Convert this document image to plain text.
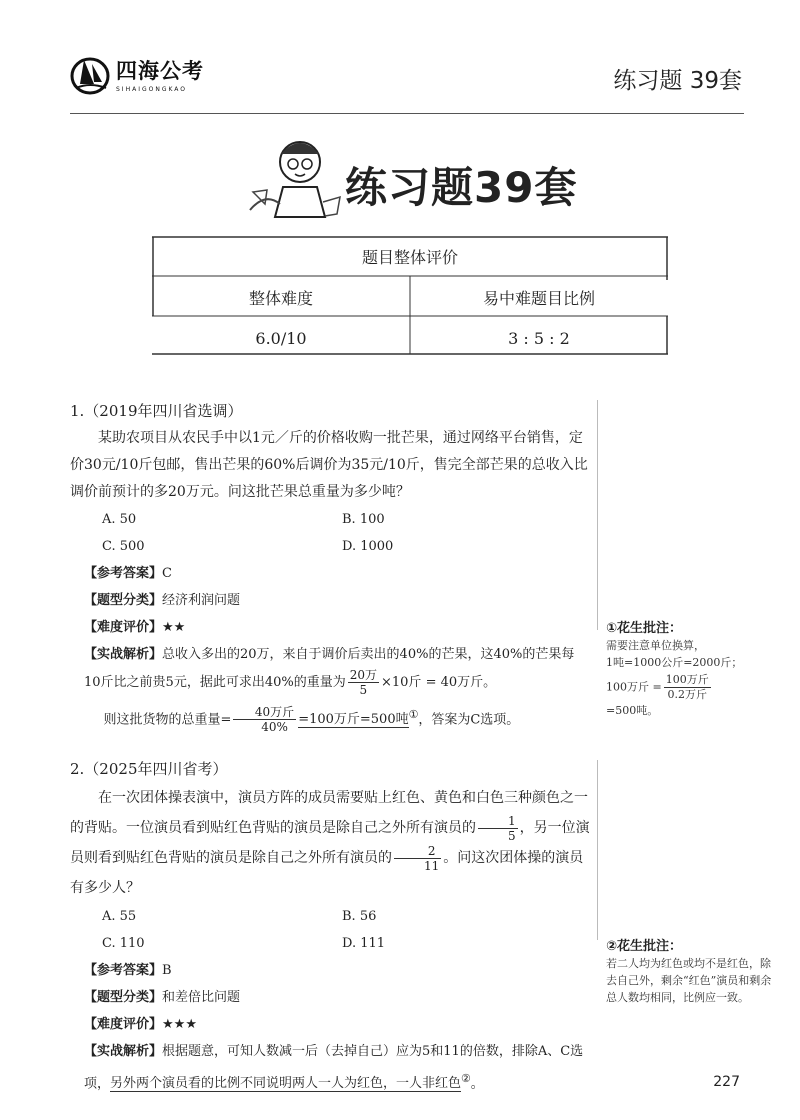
四海公考
SIHAIGONGKAO	练习题 39套
练习题39套
题目整体评价	
整体难度	易中难题目比例
6.0/10	3 : 5 : 2

1.（2019年四川省选调）

某助农项目从农民手中以1元／斤的价格收购一批芒果，通过网络平台销售，定价30元/10斤包邮，售出芒果的60%后调价为35元/10斤，售完全部芒果的总收入比调价前预计的多20万元。问这批芒果总重量为多少吨？

A. 50	B. 100
C. 500	D. 1000

【参考答案】C

【题型分类】经济利润问题

【难度评价】★★

【实战解析】总收入多出的20万，来自于调价后卖出的40%的芒果，这40%的芒果每10斤比之前贵5元，据此可求出40%的重量为 $\frac{\text{20万}}{5} \times 10$斤 = 40万斤。

则这批货物的总重量= $\frac{\text{40万斤}}{40\%} =100$万斤=500吨①，答案为C选项。

2.（2025年四川省考）

在一次团体操表演中，演员方阵的成员需要贴上红色、黄色和白色三种颜色之一的背贴。一位演员看到贴红色背贴的演员是除自己之外所有演员的 $\frac{1}{5}$ ，另一位演员则看到贴红色背贴的演员是除自己之外所有演员的 $\frac{2}{11}$ 。问这次团体操的演员有多少人？

A. 55	B. 56
C. 110	D. 111

【参考答案】B

【题型分类】和差倍比问题

【难度评价】★★★

【实战解析】根据题意，可知人数减一后（去掉自己）应为5和11的倍数，排除A、C选项，另外两个演员看的比例不同说明两人一人为红色，一人非红色②。

①花生批注：
需要注意单位换算，
1吨=1000公斤=2000斤；
100万斤 = $\frac{\text{100万斤}}{\text{0.2万斤}}$
=500吨。
②花生批注：
若二人均为红色或均不是红色，除去自己外，剩余“红色”演员和剩余总人数均相同，比例应一致。
227
